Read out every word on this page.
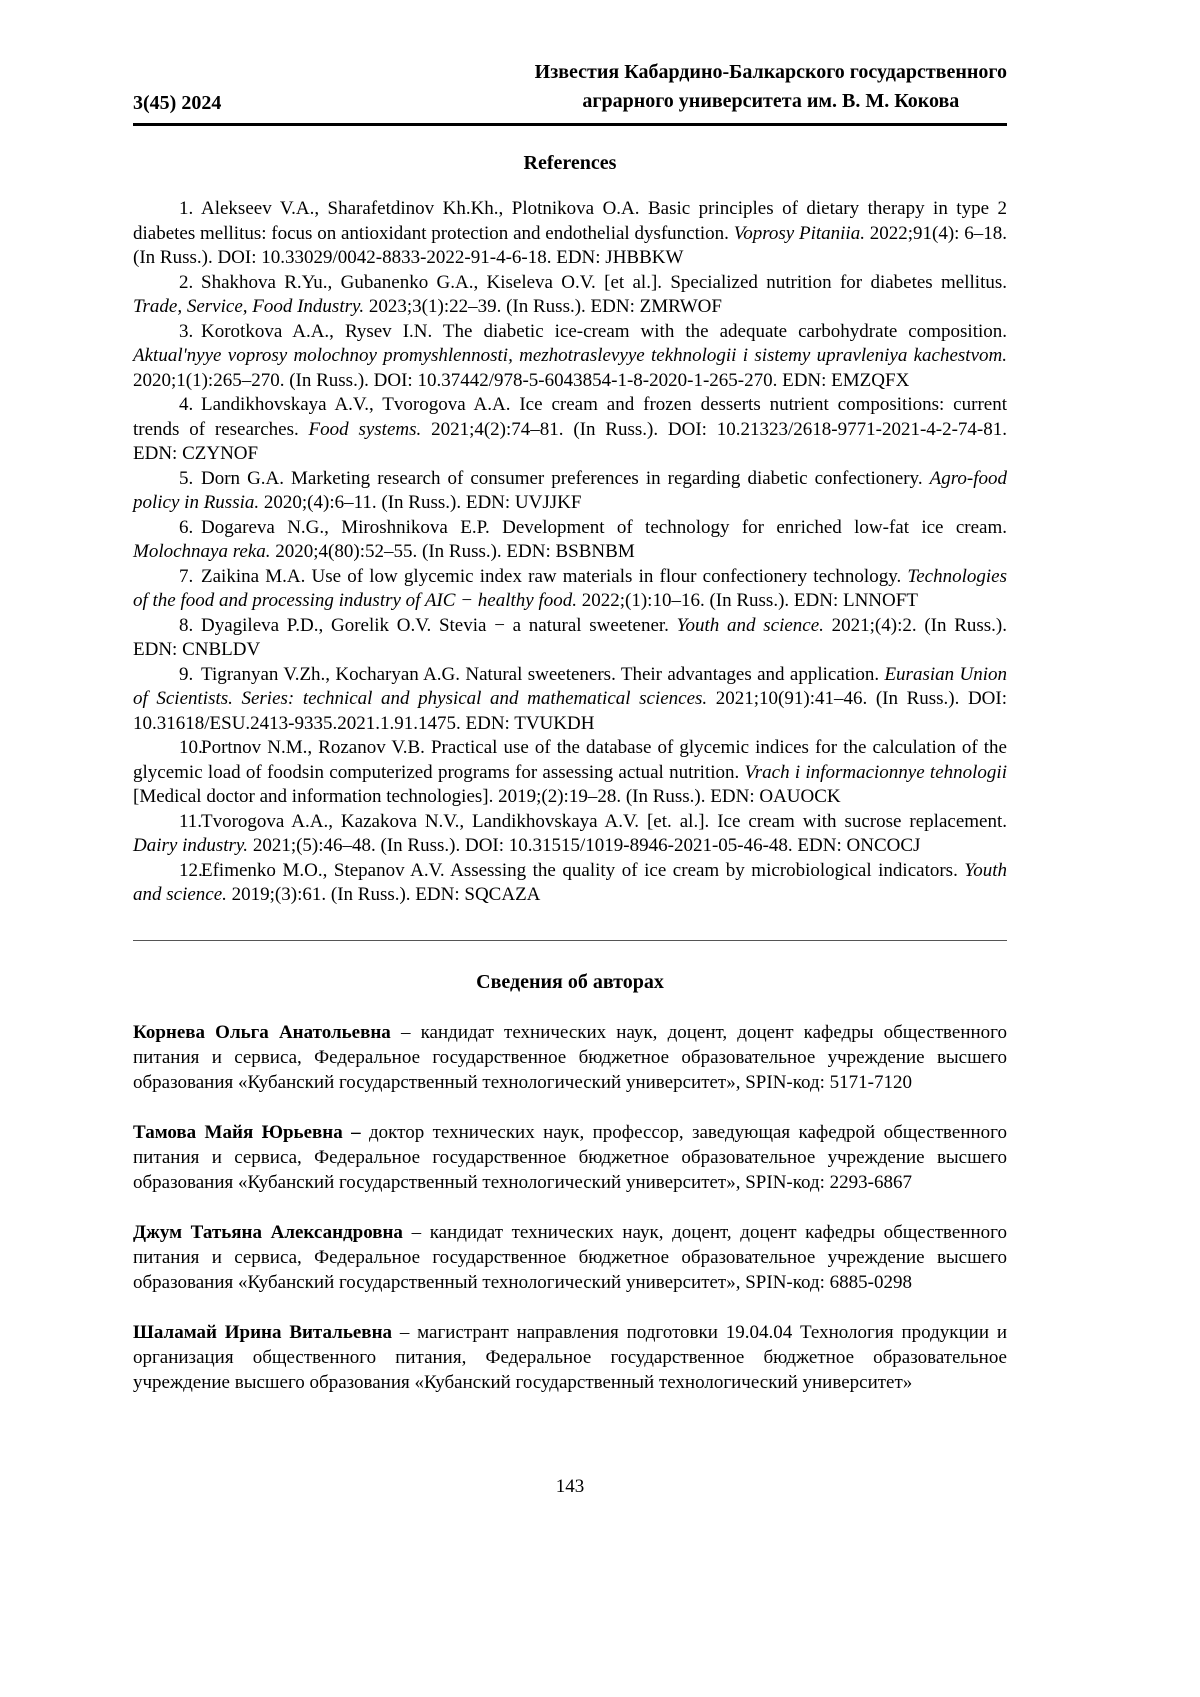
3(45) 2024
Известия Кабардино-Балкарского государственного
аграрного университета им. В. М. Кокова
References

1. Alekseev V.A., Sharafetdinov Kh.Kh., Plotnikova O.A. Basic principles of dietary therapy in type 2 diabetes mellitus: focus on antioxidant protection and endothelial dysfunction. Voprosy Pitaniia. 2022;91(4): 6–18. (In Russ.). DOI: 10.33029/0042-8833-2022-91-4-6-18. EDN: JHBBKW

2. Shakhova R.Yu., Gubanenko G.A., Kiseleva O.V. [et al.]. Specialized nutrition for diabetes mellitus. Trade, Service, Food Industry. 2023;3(1):22–39. (In Russ.). EDN: ZMRWOF

3. Korotkova A.A., Rysev I.N. The diabetic ice-cream with the adequate carbohydrate composition. Aktual'nyye voprosy molochnoy promyshlennosti, mezhotraslevyye tekhnologii i sistemy upravleniya kachestvom. 2020;1(1):265–270. (In Russ.). DOI: 10.37442/978-5-6043854-1-8-2020-1-265-270. EDN: EMZQFX

4. Landikhovskaya A.V., Tvorogova A.A. Ice cream and frozen desserts nutrient compositions: current trends of researches. Food systems. 2021;4(2):74–81. (In Russ.). DOI: 10.21323/2618-9771-2021-4-2-74-81. EDN: CZYNOF

5. Dorn G.A. Marketing research of consumer preferences in regarding diabetic confectionery. Agro-food policy in Russia. 2020;(4):6–11. (In Russ.). EDN: UVJJKF

6. Dogareva N.G., Miroshnikova E.P. Development of technology for enriched low-fat ice cream. Molochnaya reka. 2020;4(80):52–55. (In Russ.). EDN: BSBNBM

7. Zaikina M.A. Use of low glycemic index raw materials in flour confectionery technology. Technologies of the food and processing industry of AIC − healthy food. 2022;(1):10–16. (In Russ.). EDN: LNNOFT

8. Dyagileva P.D., Gorelik O.V. Stevia − a natural sweetener. Youth and science. 2021;(4):2. (In Russ.). EDN: CNBLDV

9. Tigranyan V.Zh., Kocharyan A.G. Natural sweeteners. Their advantages and application. Eurasian Union of Scientists. Series: technical and physical and mathematical sciences. 2021;10(91):41–46. (In Russ.). DOI: 10.31618/ESU.2413-9335.2021.1.91.1475. EDN: TVUKDH

10.Portnov N.M., Rozanov V.B. Practical use of the database of glycemic indices for the calculation of the glycemic load of foodsin computerized programs for assessing actual nutrition. Vrach i informacionnye tehnologii [Medical doctor and information technologies]. 2019;(2):19–28. (In Russ.). EDN: OAUOCK

11.Tvorogova A.A., Kazakova N.V., Landikhovskaya A.V. [et. al.]. Ice cream with sucrose replacement. Dairy industry. 2021;(5):46–48. (In Russ.). DOI: 10.31515/1019-8946-2021-05-46-48. EDN: ONCOCJ

12.Efimenko M.O., Stepanov A.V. Assessing the quality of ice cream by microbiological indicators. Youth and science. 2019;(3):61. (In Russ.). EDN: SQCAZA

Сведения об авторах

Корнева Ольга Анатольевна – кандидат технических наук, доцент, доцент кафедры общественного питания и сервиса, Федеральное государственное бюджетное образовательное учреждение высшего образования «Кубанский государственный технологический университет», SPIN-код: 5171-7120

Тамова Майя Юрьевна – доктор технических наук, профессор, заведующая кафедрой общественного питания и сервиса, Федеральное государственное бюджетное образовательное учреждение высшего образования «Кубанский государственный технологический университет», SPIN-код: 2293-6867

Джум Татьяна Александровна – кандидат технических наук, доцент, доцент кафедры общественного питания и сервиса, Федеральное государственное бюджетное образовательное учреждение высшего образования «Кубанский государственный технологический университет», SPIN-код: 6885-0298

Шаламай Ирина Витальевна – магистрант направления подготовки 19.04.04 Технология продукции и организация общественного питания, Федеральное государственное бюджетное образовательное учреждение высшего образования «Кубанский государственный технологический университет»

143
